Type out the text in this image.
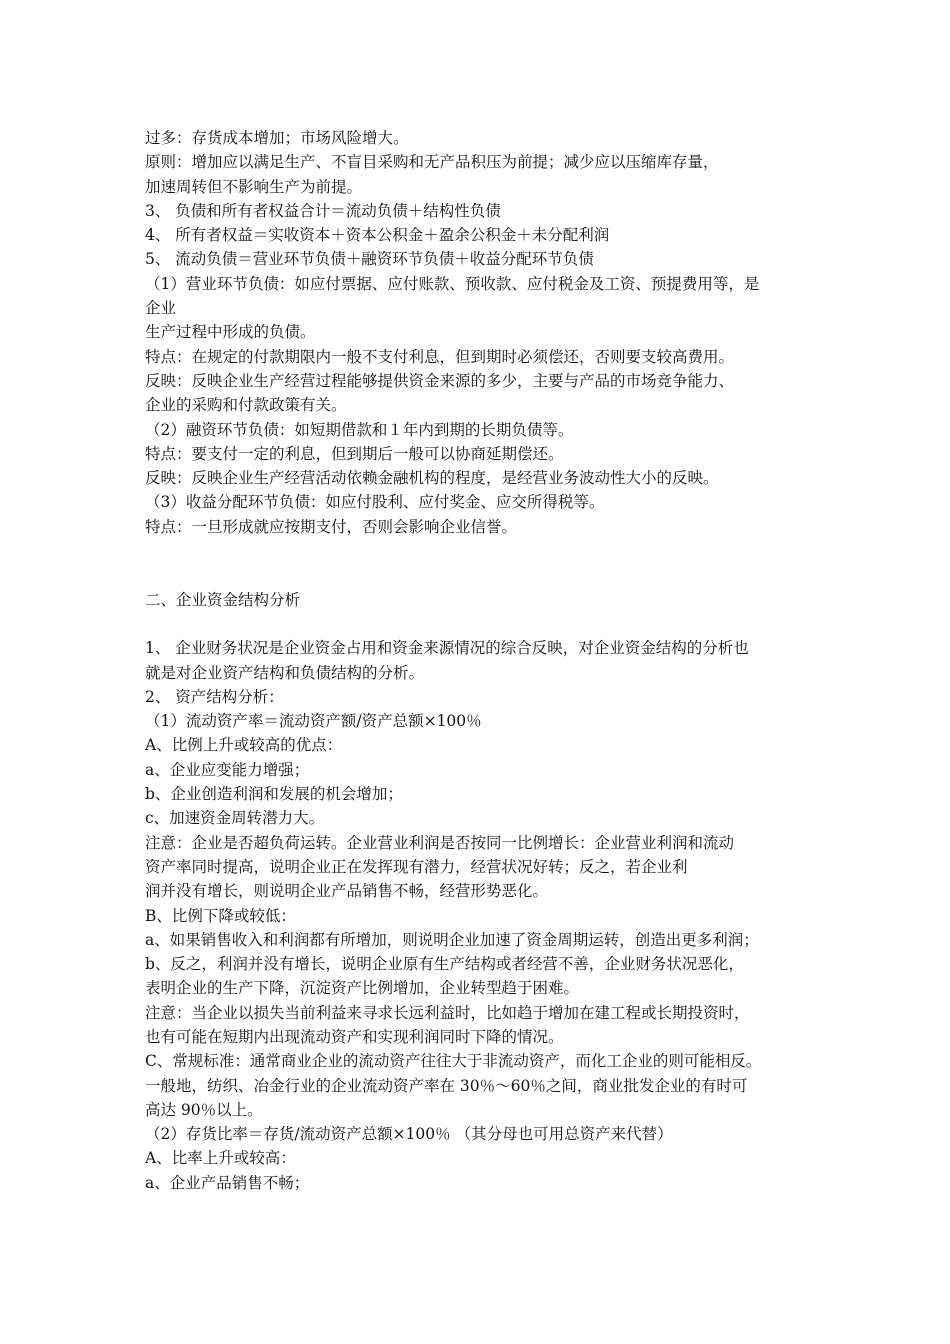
过多：存货成本增加；市场风险增大。
原则：增加应以满足生产、不盲目采购和无产品积压为前提；减少应以压缩库存量，
加速周转但不影响生产为前提。
3、 负债和所有者权益合计＝流动负债＋结构性负债
4、 所有者权益＝实收资本＋资本公积金＋盈余公积金＋未分配利润
5、 流动负债＝营业环节负债＋融资环节负债＋收益分配环节负债
（1）营业环节负债：如应付票据、应付账款、预收款、应付税金及工资、预提费用等，是
企业
生产过程中形成的负债。
特点：在规定的付款期限内一般不支付利息，但到期时必须偿还，否则要支较高费用。
反映：反映企业生产经营过程能够提供资金来源的多少，主要与产品的市场竞争能力、
企业的采购和付款政策有关。
（2）融资环节负债：如短期借款和１年内到期的长期负债等。
特点：要支付一定的利息，但到期后一般可以协商延期偿还。
反映：反映企业生产经营活动依赖金融机构的程度，是经营业务波动性大小的反映。
（3）收益分配环节负债：如应付股利、应付奖金、应交所得税等。
特点：一旦形成就应按期支付，否则会影响企业信誉。
二、企业资金结构分析
1、 企业财务状况是企业资金占用和资金来源情况的综合反映，对企业资金结构的分析也
就是对企业资产结构和负债结构的分析。
2、 资产结构分析：
（1）流动资产率＝流动资产额/资产总额×100％
A、比例上升或较高的优点：
a、企业应变能力增强；
b、企业创造利润和发展的机会增加；
c、加速资金周转潜力大。
注意：企业是否超负荷运转。企业营业利润是否按同一比例增长：企业营业利润和流动
资产率同时提高，说明企业正在发挥现有潜力，经营状况好转；反之，若企业利
润并没有增长，则说明企业产品销售不畅，经营形势恶化。
B、比例下降或较低：
a、如果销售收入和利润都有所增加，则说明企业加速了资金周期运转，创造出更多利润；
b、反之，利润并没有增长，说明企业原有生产结构或者经营不善，企业财务状况恶化，
表明企业的生产下降，沉淀资产比例增加，企业转型趋于困难。
注意：当企业以损失当前利益来寻求长远利益时，比如趋于增加在建工程或长期投资时，
也有可能在短期内出现流动资产和实现利润同时下降的情况。
C、常规标准：通常商业企业的流动资产往往大于非流动资产，而化工企业的则可能相反。
一般地，纺织、冶金行业的企业流动资产率在 30％～60％之间，商业批发企业的有时可
高达 90％以上。
（2）存货比率＝存货/流动资产总额×100％ （其分母也可用总资产来代替）
A、比率上升或较高：
a、企业产品销售不畅；
